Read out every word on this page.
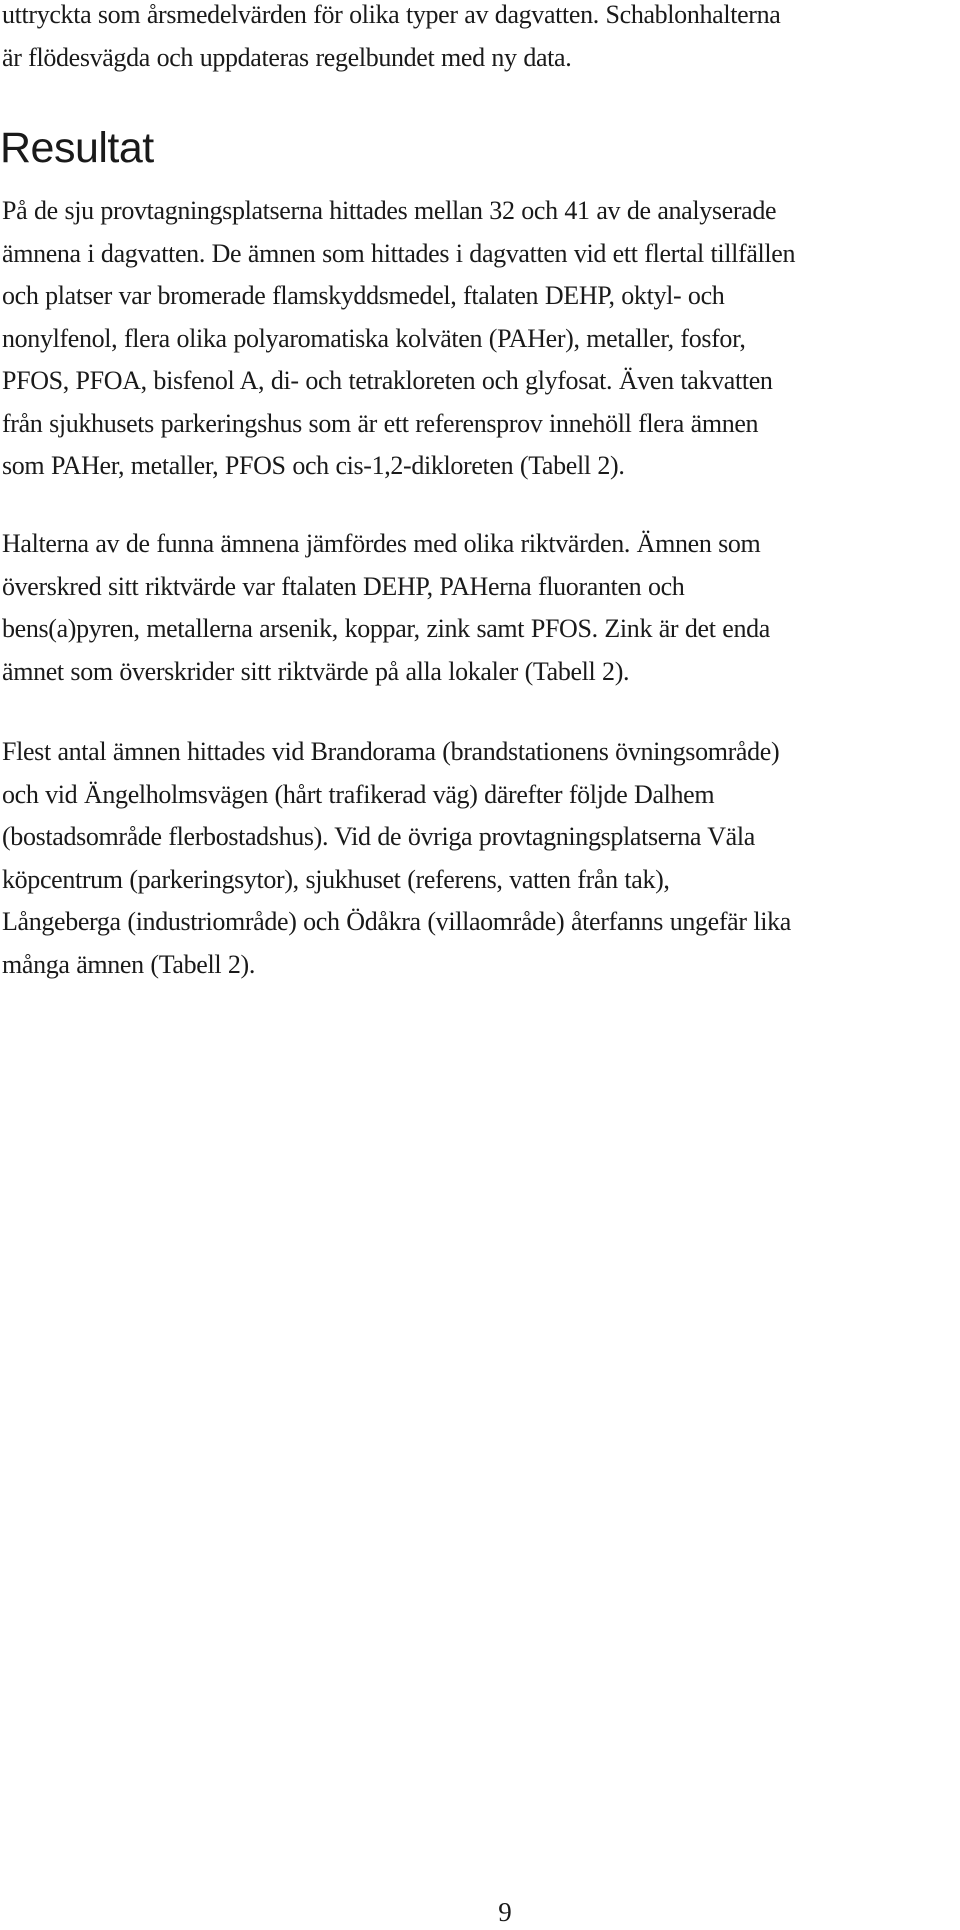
uttryckta som årsmedelvärden för olika typer av dagvatten. Schablonhalterna
är flödesvägda och uppdateras regelbundet med ny data.

Resultat

På de sju provtagningsplatserna hittades mellan 32 och 41 av de analyserade
ämnena i dagvatten. De ämnen som hittades i dagvatten vid ett flertal tillfällen
och platser var bromerade flamskyddsmedel, ftalaten DEHP, oktyl- och
nonylfenol, flera olika polyaromatiska kolväten (PAHer), metaller, fosfor,
PFOS, PFOA, bisfenol A, di- och tetrakloreten och glyfosat. Även takvatten
från sjukhusets parkeringshus som är ett referensprov innehöll flera ämnen
som PAHer, metaller, PFOS och cis-1,2-dikloreten (Tabell 2).

Halterna av de funna ämnena jämfördes med olika riktvärden. Ämnen som
överskred sitt riktvärde var ftalaten DEHP, PAHerna fluoranten och
bens(a)pyren, metallerna arsenik, koppar, zink samt PFOS. Zink är det enda
ämnet som överskrider sitt riktvärde på alla lokaler (Tabell 2).

Flest antal ämnen hittades vid Brandorama (brandstationens övningsområde)
och vid Ängelholmsvägen (hårt trafikerad väg) därefter följde Dalhem
(bostadsområde flerbostadshus). Vid de övriga provtagningsplatserna Väla
köpcentrum (parkeringsytor), sjukhuset (referens, vatten från tak),
Långeberga (industriområde) och Ödåkra (villaområde) återfanns ungefär lika
många ämnen (Tabell 2).

9
